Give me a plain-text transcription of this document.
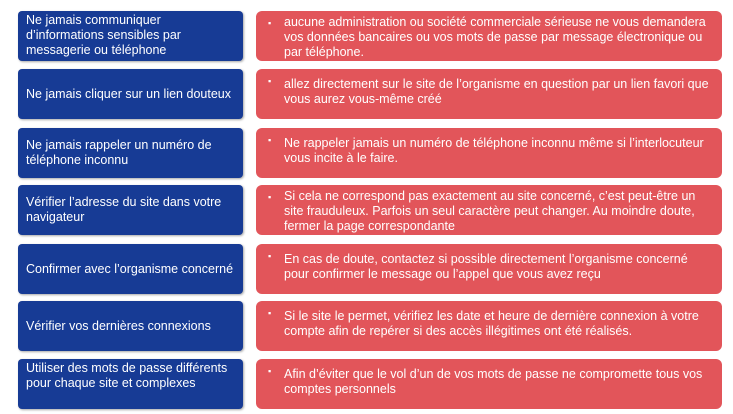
Ne jamais communiquer d’informations sensibles par messagerie ou téléphone
▪ aucune administration ou société commerciale sérieuse ne vous demandera vos données bancaires ou vos mots de passe par message électronique ou par téléphone.
Ne jamais cliquer sur un lien douteux
▪ allez directement sur le site de l’organisme en question par un lien favori que vous aurez vous-même créé
Ne jamais rappeler un numéro de téléphone inconnu
▪ Ne rappeler jamais un numéro de téléphone inconnu même si l’interlocuteur vous incite à le faire.
Vérifier l’adresse du site dans votre navigateur
▪ Si cela ne correspond pas exactement au site concerné, c’est peut-être un site frauduleux. Parfois un seul caractère peut changer. Au moindre doute, fermer la page correspondante
Confirmer avec l’organisme concerné
▪ En cas de doute, contactez si possible directement l’organisme concerné pour confirmer le message ou l’appel que vous avez reçu
Vérifier vos dernières connexions
▪ Si le site le permet, vérifiez les date et heure de dernière connexion à votre compte afin de repérer si des accès illégitimes ont été réalisés.
Utiliser des mots de passe différents pour chaque site et complexes
▪ Afin d’éviter que le vol d’un de vos mots de passe ne compromette tous vos comptes personnels
